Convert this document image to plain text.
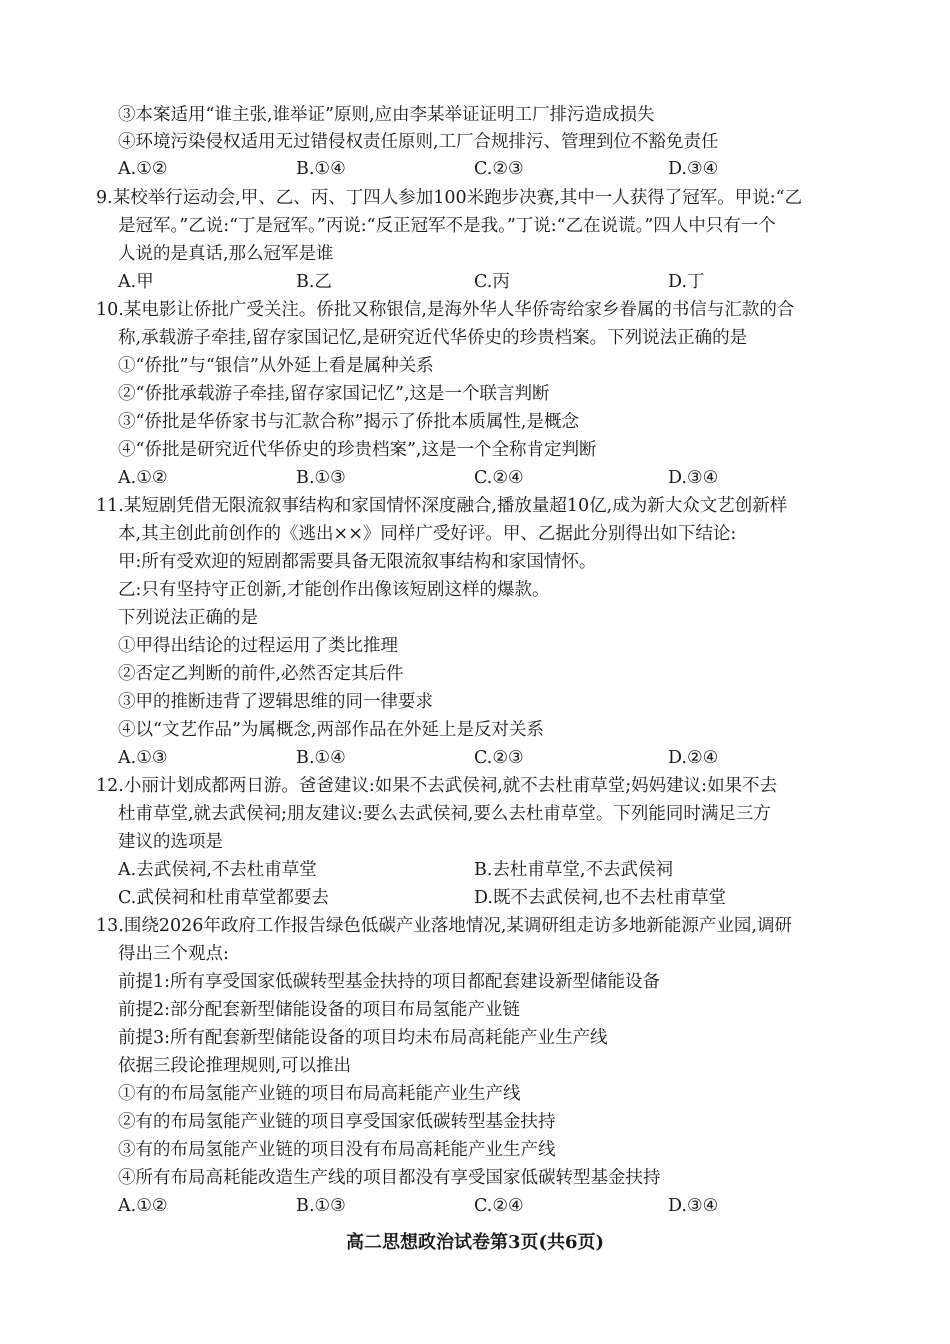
③本案适用“谁主张,谁举证”原则,应由李某举证证明工厂排污造成损失
④环境污染侵权适用无过错侵权责任原则,工厂合规排污、管理到位不豁免责任
A.①②	B.①④	C.②③	D.③④
9.某校举行运动会,甲、乙、丙、丁四人参加100米跑步决赛,其中一人获得了冠军。甲说:“乙
是冠军。”乙说:“丁是冠军。”丙说:“反正冠军不是我。”丁说:“乙在说谎。”四人中只有一个
人说的是真话,那么冠军是谁
A.甲	B.乙	C.丙	D.丁
10.某电影让侨批广受关注。侨批又称银信,是海外华人华侨寄给家乡眷属的书信与汇款的合
称,承载游子牵挂,留存家国记忆,是研究近代华侨史的珍贵档案。下列说法正确的是
①“侨批”与“银信”从外延上看是属种关系
②“侨批承载游子牵挂,留存家国记忆”,这是一个联言判断
③“侨批是华侨家书与汇款合称”揭示了侨批本质属性,是概念
④“侨批是研究近代华侨史的珍贵档案”,这是一个全称肯定判断
A.①②	B.①③	C.②④	D.③④
11.某短剧凭借无限流叙事结构和家国情怀深度融合,播放量超10亿,成为新大众文艺创新样
本,其主创此前创作的《逃出××》同样广受好评。甲、乙据此分别得出如下结论:
甲:所有受欢迎的短剧都需要具备无限流叙事结构和家国情怀。
乙:只有坚持守正创新,才能创作出像该短剧这样的爆款。
下列说法正确的是
①甲得出结论的过程运用了类比推理
②否定乙判断的前件,必然否定其后件
③甲的推断违背了逻辑思维的同一律要求
④以“文艺作品”为属概念,两部作品在外延上是反对关系
A.①③	B.①④	C.②③	D.②④
12.小丽计划成都两日游。爸爸建议:如果不去武侯祠,就不去杜甫草堂;妈妈建议:如果不去
杜甫草堂,就去武侯祠;朋友建议:要么去武侯祠,要么去杜甫草堂。下列能同时满足三方
建议的选项是
A.去武侯祠,不去杜甫草堂	B.去杜甫草堂,不去武侯祠
C.武侯祠和杜甫草堂都要去	D.既不去武侯祠,也不去杜甫草堂
13.围绕2026年政府工作报告绿色低碳产业落地情况,某调研组走访多地新能源产业园,调研
得出三个观点:
前提1:所有享受国家低碳转型基金扶持的项目都配套建设新型储能设备
前提2:部分配套新型储能设备的项目布局氢能产业链
前提3:所有配套新型储能设备的项目均未布局高耗能产业生产线
依据三段论推理规则,可以推出
①有的布局氢能产业链的项目布局高耗能产业生产线
②有的布局氢能产业链的项目享受国家低碳转型基金扶持
③有的布局氢能产业链的项目没有布局高耗能产业生产线
④所有布局高耗能改造生产线的项目都没有享受国家低碳转型基金扶持
A.①②	B.①③	C.②④	D.③④
高二思想政治试卷第3页(共6页)
